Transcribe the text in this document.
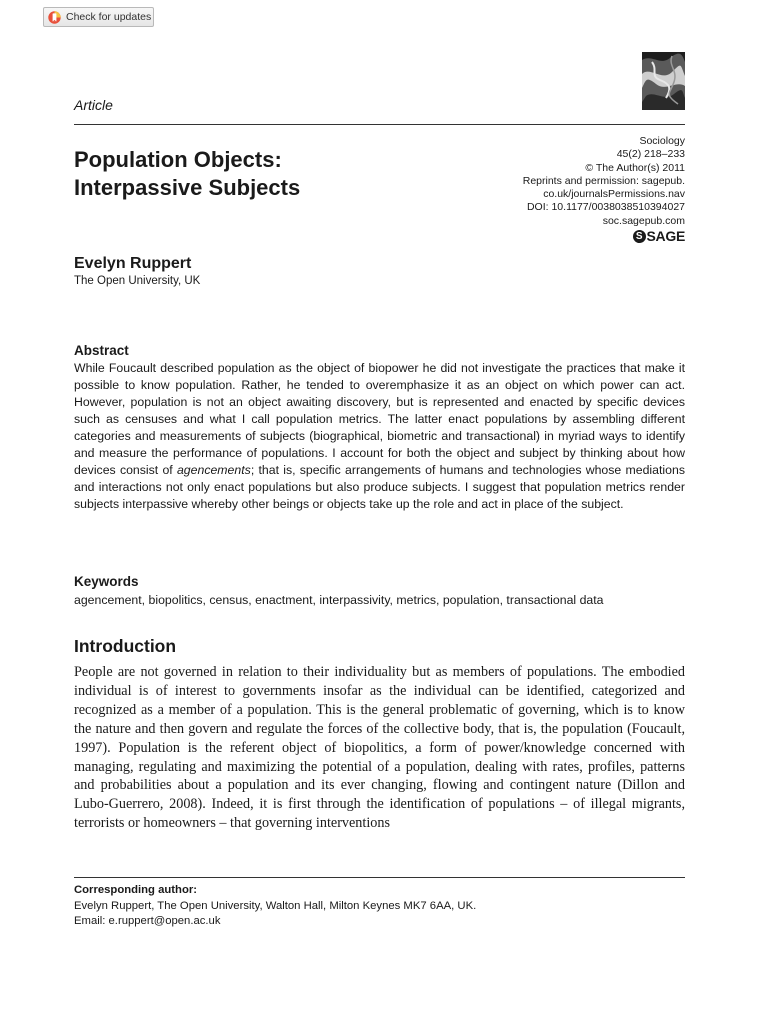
Check for updates
Article
Sociology
45(2) 218–233
© The Author(s) 2011
Reprints and permission: sagepub.
co.uk/journalsPermissions.nav
DOI: 10.1177/0038038510394027
soc.sagepub.com
S SAGE
Population Objects:
Interpassive Subjects
Evelyn Ruppert
The Open University, UK
Abstract
While Foucault described population as the object of biopower he did not investigate the practices that make it possible to know population. Rather, he tended to overemphasize it as an object on which power can act. However, population is not an object awaiting discovery, but is represented and enacted by specific devices such as censuses and what I call population metrics. The latter enact populations by assembling different categories and measurements of subjects (biographical, biometric and transactional) in myriad ways to identify and measure the performance of populations. I account for both the object and subject by thinking about how devices consist of agencements; that is, specific arrangements of humans and technologies whose mediations and interactions not only enact populations but also produce subjects. I suggest that population metrics render subjects interpassive whereby other beings or objects take up the role and act in place of the subject.
Keywords
agencement, biopolitics, census, enactment, interpassivity, metrics, population, transactional data
Introduction
People are not governed in relation to their individuality but as members of populations. The embodied individual is of interest to governments insofar as the individual can be identified, categorized and recognized as a member of a population. This is the general problematic of governing, which is to know the nature and then govern and regulate the forces of the collective body, that is, the population (Foucault, 1997). Population is the referent object of biopolitics, a form of power/knowledge concerned with managing, regulating and maximizing the potential of a population, dealing with rates, profiles, patterns and probabilities about a population and its ever changing, flowing and contingent nature (Dillon and Lubo-Guerrero, 2008). Indeed, it is first through the identification of populations – of illegal migrants, terrorists or homeowners – that governing interventions
Corresponding author:
Evelyn Ruppert, The Open University, Walton Hall, Milton Keynes MK7 6AA, UK.
Email: e.ruppert@open.ac.uk
